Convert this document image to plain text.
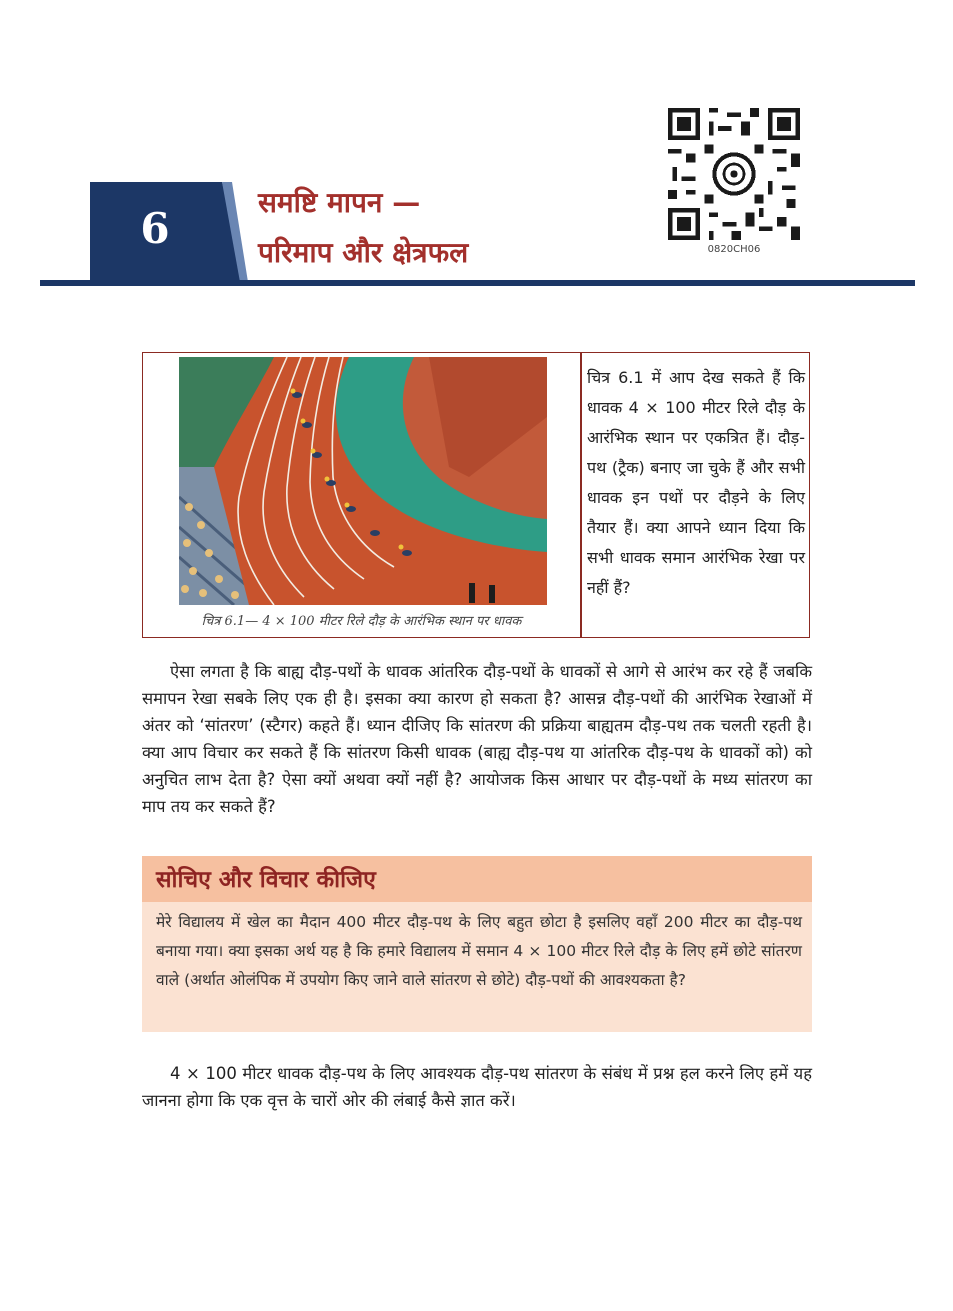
6
समष्टि मापन —
परिमाप और क्षेत्रफल	0820CH06
चित्र 6.1— 4 × 100 मीटर रिले दौड़ के आरंभिक स्थान पर धावक
चित्र 6.1 में आप देख सकते हैं कि धावक 4 × 100 मीटर रिले दौड़ के आरंभिक स्थान पर एकत्रित हैं। दौड़-पथ (ट्रैक) बनाए जा चुके हैं और सभी धावक इन पथों पर दौड़ने के लिए तैयार हैं। क्या आपने ध्यान दिया कि सभी धावक समान आरंभिक रेखा पर नहीं हैं?
ऐसा लगता है कि बाह्य दौड़-पथों के धावक आंतरिक दौड़-पथों के धावकों से आगे से आरंभ कर रहे हैं जबकि समापन रेखा सबके लिए एक ही है। इसका क्या कारण हो सकता है? आसन्न दौड़-पथों की आरंभिक रेखाओं में अंतर को ‘सांतरण’ (स्टैगर) कहते हैं। ध्यान दीजिए कि सांतरण की प्रक्रिया बाह्यतम दौड़-पथ तक चलती रहती है। क्या आप विचार कर सकते हैं कि सांतरण किसी धावक (बाह्य दौड़-पथ या आंतरिक दौड़-पथ के धावकों को) को अनुचित लाभ देता है? ऐसा क्यों अथवा क्यों नहीं है? आयोजक किस आधार पर दौड़-पथों के मध्य सांतरण का माप तय कर सकते हैं?
सोचिए और विचार कीजिए
मेरे विद्यालय में खेल का मैदान 400 मीटर दौड़-पथ के लिए बहुत छोटा है इसलिए वहाँ 200 मीटर का दौड़-पथ बनाया गया। क्या इसका अर्थ यह है कि हमारे विद्यालय में समान 4 × 100 मीटर रिले दौड़ के लिए हमें छोटे सांतरण वाले (अर्थात ओलंपिक में उपयोग किए जाने वाले सांतरण से छोटे) दौड़-पथों की आवश्यकता है?
4 × 100 मीटर धावक दौड़-पथ के लिए आवश्यक दौड़-पथ सांतरण के संबंध में प्रश्न हल करने लिए हमें यह जानना होगा कि एक वृत्त के चारों ओर की लंबाई कैसे ज्ञात करें।
